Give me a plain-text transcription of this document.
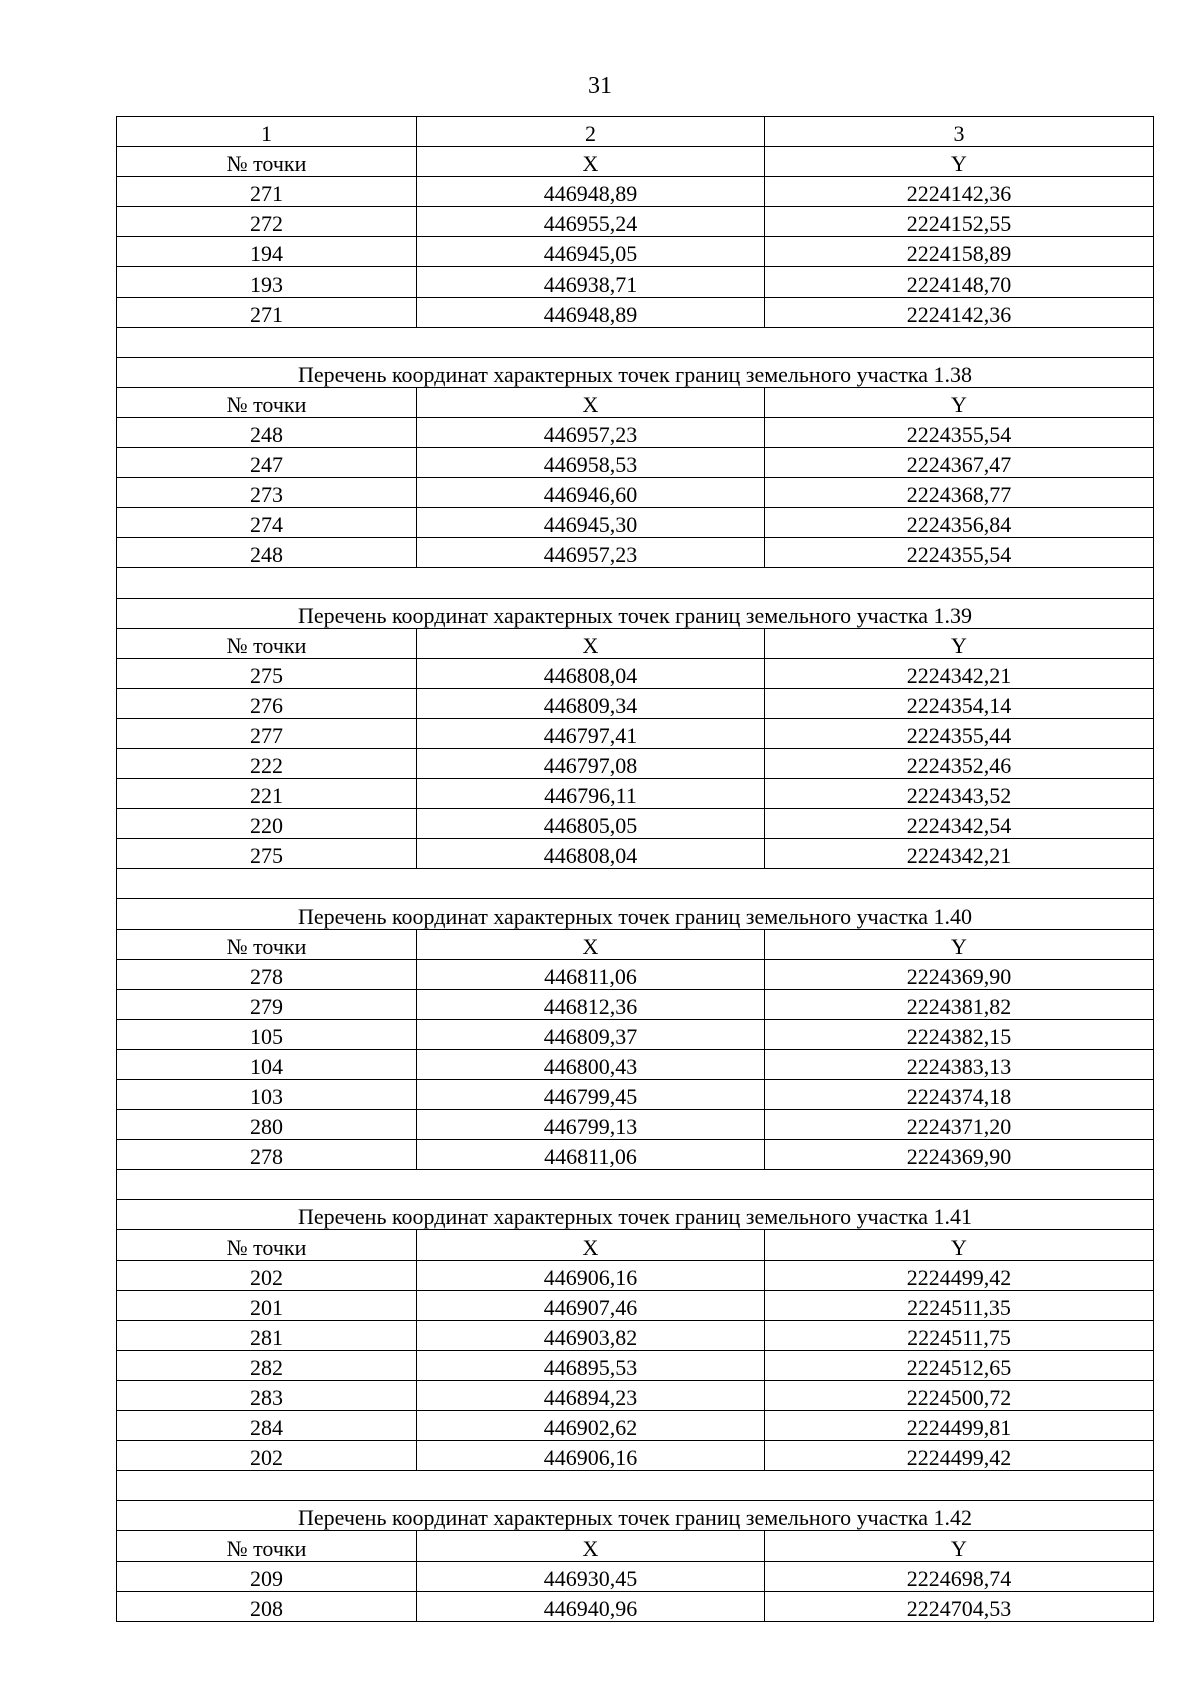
31
1	2	3
№ точки	X	Y
271	446948,89	2224142,36
272	446955,24	2224152,55
194	446945,05	2224158,89
193	446938,71	2224148,70
271	446948,89	2224142,36

Перечень координат характерных точек границ земельного участка 1.38		
№ точки	X	Y
248	446957,23	2224355,54
247	446958,53	2224367,47
273	446946,60	2224368,77
274	446945,30	2224356,84
248	446957,23	2224355,54

Перечень координат характерных точек границ земельного участка 1.39		
№ точки	X	Y
275	446808,04	2224342,21
276	446809,34	2224354,14
277	446797,41	2224355,44
222	446797,08	2224352,46
221	446796,11	2224343,52
220	446805,05	2224342,54
275	446808,04	2224342,21

Перечень координат характерных точек границ земельного участка 1.40		
№ точки	X	Y
278	446811,06	2224369,90
279	446812,36	2224381,82
105	446809,37	2224382,15
104	446800,43	2224383,13
103	446799,45	2224374,18
280	446799,13	2224371,20
278	446811,06	2224369,90

Перечень координат характерных точек границ земельного участка 1.41		
№ точки	X	Y
202	446906,16	2224499,42
201	446907,46	2224511,35
281	446903,82	2224511,75
282	446895,53	2224512,65
283	446894,23	2224500,72
284	446902,62	2224499,81
202	446906,16	2224499,42

Перечень координат характерных точек границ земельного участка 1.42		
№ точки	X	Y
209	446930,45	2224698,74
208	446940,96	2224704,53
